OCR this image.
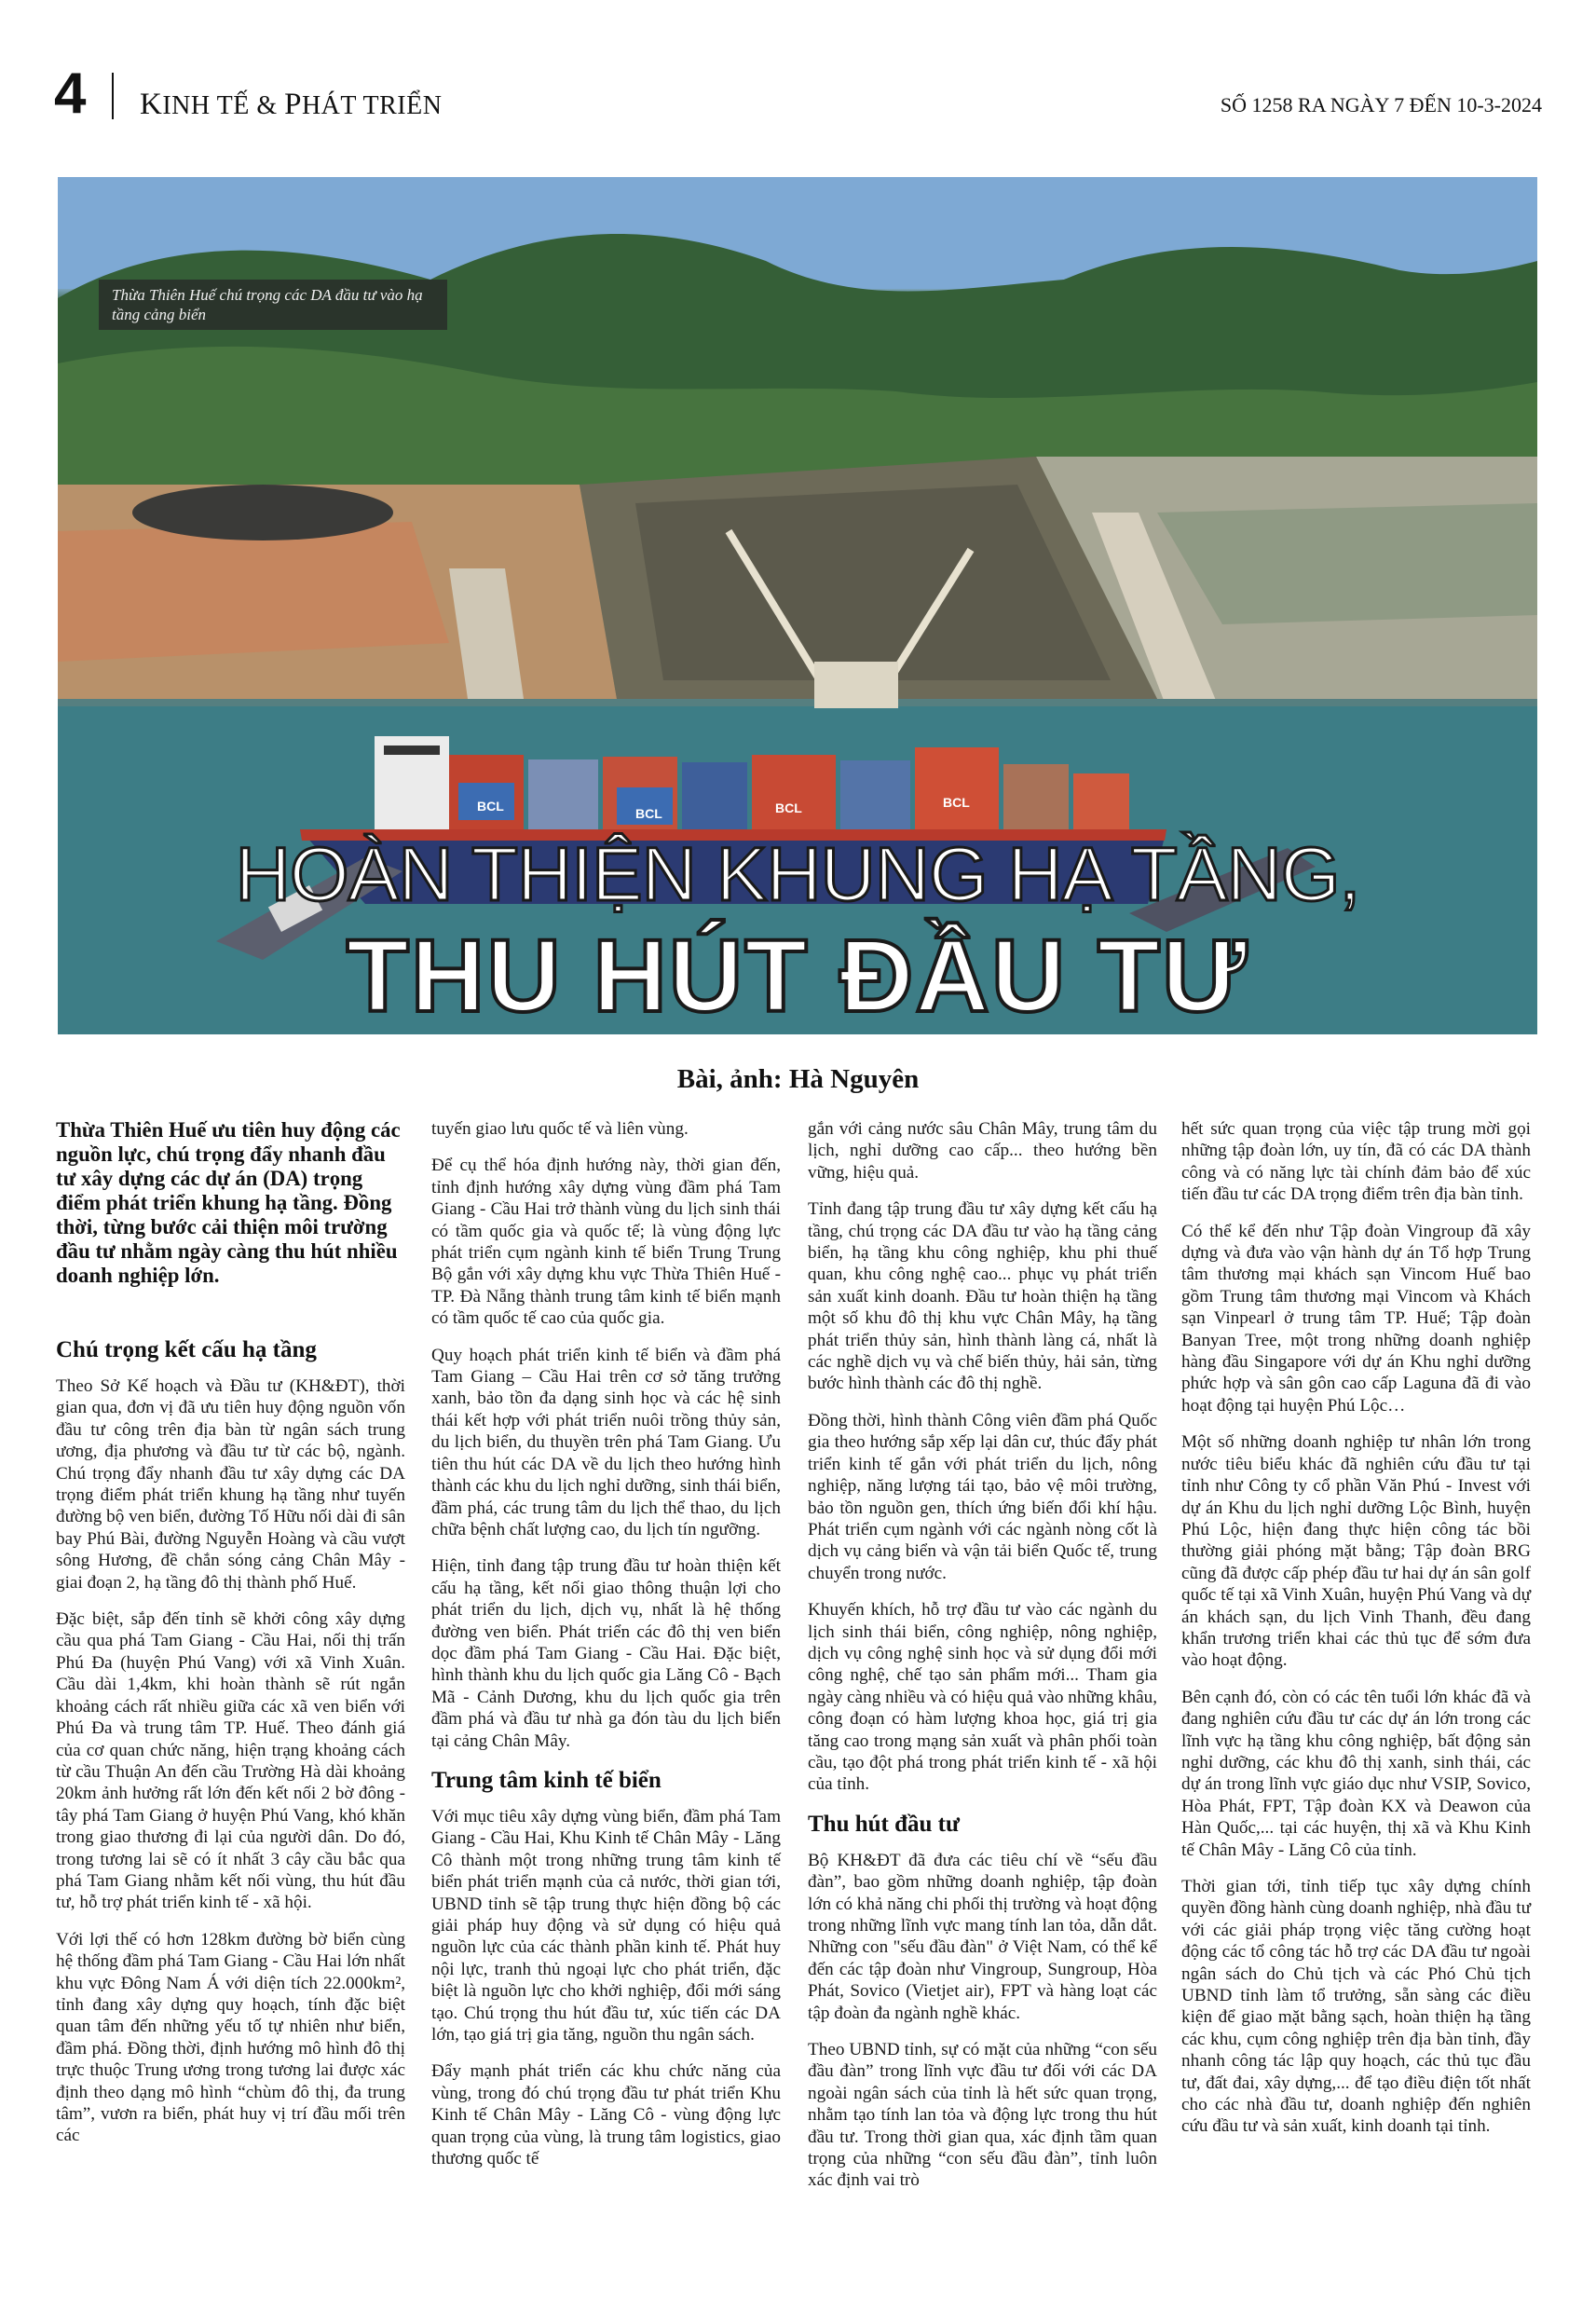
4 KINH TẾ & PHÁT TRIỂN	SỐ 1258 RA NGÀY 7 ĐẾN 10-3-2024
BCL	BCL	BCL	BCL
Thừa Thiên Huế chú trọng các DA đầu tư vào hạ tầng cảng biển
HOÀN THIỆN KHUNG HẠ TẦNG,
THU HÚT ĐẦU TƯ
Bài, ảnh: Hà Nguyên

Thừa Thiên Huế ưu tiên huy động các nguồn lực, chú trọng đẩy nhanh đầu tư xây dựng các dự án (DA) trọng điểm phát triển khung hạ tầng. Đồng thời, từng bước cải thiện môi trường đầu tư nhằm ngày càng thu hút nhiều doanh nghiệp lớn.

Chú trọng kết cấu hạ tầng

Theo Sở Kế hoạch và Đầu tư (KH&ĐT), thời gian qua, đơn vị đã ưu tiên huy động nguồn vốn đầu tư công trên địa bàn từ ngân sách trung ương, địa phương và đầu tư từ các bộ, ngành. Chú trọng đẩy nhanh đầu tư xây dựng các DA trọng điểm phát triển khung hạ tầng như tuyến đường bộ ven biển, đường Tố Hữu nối dài đi sân bay Phú Bài, đường Nguyễn Hoàng và cầu vượt sông Hương, đề chắn sóng cảng Chân Mây - giai đoạn 2, hạ tầng đô thị thành phố Huế.

Đặc biệt, sắp đến tỉnh sẽ khởi công xây dựng cầu qua phá Tam Giang - Cầu Hai, nối thị trấn Phú Đa (huyện Phú Vang) với xã Vinh Xuân. Cầu dài 1,4km, khi hoàn thành sẽ rút ngắn khoảng cách rất nhiều giữa các xã ven biển với Phú Đa và trung tâm TP. Huế. Theo đánh giá của cơ quan chức năng, hiện trạng khoảng cách từ cầu Thuận An đến cầu Trường Hà dài khoảng 20km ảnh hưởng rất lớn đến kết nối 2 bờ đông - tây phá Tam Giang ở huyện Phú Vang, khó khăn trong giao thương đi lại của người dân. Do đó, trong tương lai sẽ có ít nhất 3 cây cầu bắc qua phá Tam Giang nhằm kết nối vùng, thu hút đầu tư, hỗ trợ phát triển kinh tế - xã hội.

Với lợi thế có hơn 128km đường bờ biển cùng hệ thống đầm phá Tam Giang - Cầu Hai lớn nhất khu vực Đông Nam Á với diện tích 22.000km², tỉnh đang xây dựng quy hoạch, tính đặc biệt quan tâm đến những yếu tố tự nhiên như biển, đầm phá. Đồng thời, định hướng mô hình đô thị trực thuộc Trung ương trong tương lai được xác định theo dạng mô hình “chùm đô thị, đa trung tâm”, vươn ra biển, phát huy vị trí đầu mối trên các

tuyến giao lưu quốc tế và liên vùng.

Để cụ thể hóa định hướng này, thời gian đến, tỉnh định hướng xây dựng vùng đầm phá Tam Giang - Cầu Hai trở thành vùng du lịch sinh thái có tầm quốc gia và quốc tế; là vùng động lực phát triển cụm ngành kinh tế biển Trung Trung Bộ gắn với xây dựng khu vực Thừa Thiên Huế - TP. Đà Nẵng thành trung tâm kinh tế biển mạnh có tầm quốc tế cao của quốc gia.

Quy hoạch phát triển kinh tế biển và đầm phá Tam Giang – Cầu Hai trên cơ sở tăng trưởng xanh, bảo tồn đa dạng sinh học và các hệ sinh thái kết hợp với phát triển nuôi trồng thủy sản, du lịch biển, du thuyền trên phá Tam Giang. Ưu tiên thu hút các DA về du lịch theo hướng hình thành các khu du lịch nghỉ dưỡng, sinh thái biển, đầm phá, các trung tâm du lịch thể thao, du lịch chữa bệnh chất lượng cao, du lịch tín ngưỡng.

Hiện, tỉnh đang tập trung đầu tư hoàn thiện kết cấu hạ tầng, kết nối giao thông thuận lợi cho phát triển du lịch, dịch vụ, nhất là hệ thống đường ven biển. Phát triển các đô thị ven biển dọc đầm phá Tam Giang - Cầu Hai. Đặc biệt, hình thành khu du lịch quốc gia Lăng Cô - Bạch Mã - Cảnh Dương, khu du lịch quốc gia trên đầm phá và đầu tư nhà ga đón tàu du lịch biển tại cảng Chân Mây.

Trung tâm kinh tế biển

Với mục tiêu xây dựng vùng biển, đầm phá Tam Giang - Cầu Hai, Khu Kinh tế Chân Mây - Lăng Cô thành một trong những trung tâm kinh tế biển phát triển mạnh của cả nước, thời gian tới, UBND tỉnh sẽ tập trung thực hiện đồng bộ các giải pháp huy động và sử dụng có hiệu quả nguồn lực của các thành phần kinh tế. Phát huy nội lực, tranh thủ ngoại lực cho phát triển, đặc biệt là nguồn lực cho khởi nghiệp, đổi mới sáng tạo. Chú trọng thu hút đầu tư, xúc tiến các DA lớn, tạo giá trị gia tăng, nguồn thu ngân sách.

Đẩy mạnh phát triển các khu chức năng của vùng, trong đó chú trọng đầu tư phát triển Khu Kinh tế Chân Mây - Lăng Cô - vùng động lực quan trọng của vùng, là trung tâm logistics, giao thương quốc tế

gắn với cảng nước sâu Chân Mây, trung tâm du lịch, nghỉ dưỡng cao cấp... theo hướng bền vững, hiệu quả.

Tỉnh đang tập trung đầu tư xây dựng kết cấu hạ tầng, chú trọng các DA đầu tư vào hạ tầng cảng biển, hạ tầng khu công nghiệp, khu phi thuế quan, khu công nghệ cao... phục vụ phát triển sản xuất kinh doanh. Đầu tư hoàn thiện hạ tầng một số khu đô thị khu vực Chân Mây, hạ tầng phát triển thủy sản, hình thành làng cá, nhất là các nghề dịch vụ và chế biến thủy, hải sản, từng bước hình thành các đô thị nghề.

Đồng thời, hình thành Công viên đầm phá Quốc gia theo hướng sắp xếp lại dân cư, thúc đẩy phát triển kinh tế gắn với phát triển du lịch, nông nghiệp, năng lượng tái tạo, bảo vệ môi trường, bảo tồn nguồn gen, thích ứng biến đổi khí hậu. Phát triển cụm ngành với các ngành nòng cốt là dịch vụ cảng biển và vận tải biển Quốc tế, trung chuyển trong nước.

Khuyến khích, hỗ trợ đầu tư vào các ngành du lịch sinh thái biển, công nghiệp, nông nghiệp, dịch vụ công nghệ sinh học và sử dụng đổi mới công nghệ, chế tạo sản phẩm mới... Tham gia ngày càng nhiều và có hiệu quả vào những khâu, công đoạn có hàm lượng khoa học, giá trị gia tăng cao trong mạng sản xuất và phân phối toàn cầu, tạo đột phá trong phát triển kinh tế - xã hội của tỉnh.

Thu hút đầu tư

Bộ KH&ĐT đã đưa các tiêu chí về “sếu đầu đàn”, bao gồm những doanh nghiệp, tập đoàn lớn có khả năng chi phối thị trường và hoạt động trong những lĩnh vực mang tính lan tỏa, dẫn dắt. Những con "sếu đầu đàn" ở Việt Nam, có thể kể đến các tập đoàn như Vingroup, Sungroup, Hòa Phát, Sovico (Vietjet air), FPT và hàng loạt các tập đoàn đa ngành nghề khác.

Theo UBND tỉnh, sự có mặt của những “con sếu đầu đàn” trong lĩnh vực đầu tư đối với các DA ngoài ngân sách của tỉnh là hết sức quan trọng, nhằm tạo tính lan tỏa và động lực trong thu hút đầu tư. Trong thời gian qua, xác định tầm quan trọng của những “con sếu đầu đàn”, tỉnh luôn xác định vai trò

hết sức quan trọng của việc tập trung mời gọi những tập đoàn lớn, uy tín, đã có các DA thành công và có năng lực tài chính đảm bảo để xúc tiến đầu tư các DA trọng điểm trên địa bàn tỉnh.

Có thể kể đến như Tập đoàn Vingroup đã xây dựng và đưa vào vận hành dự án Tổ hợp Trung tâm thương mại khách sạn Vincom Huế bao gồm Trung tâm thương mại Vincom và Khách sạn Vinpearl ở trung tâm TP. Huế; Tập đoàn Banyan Tree, một trong những doanh nghiệp hàng đầu Singapore với dự án Khu nghỉ dưỡng phức hợp và sân gôn cao cấp Laguna đã đi vào hoạt động tại huyện Phú Lộc…

Một số những doanh nghiệp tư nhân lớn trong nước tiêu biểu khác đã nghiên cứu đầu tư tại tỉnh như Công ty cổ phần Văn Phú - Invest với dự án Khu du lịch nghỉ dưỡng Lộc Bình, huyện Phú Lộc, hiện đang thực hiện công tác bồi thường giải phóng mặt bằng; Tập đoàn BRG cũng đã được cấp phép đầu tư hai dự án sân golf quốc tế tại xã Vinh Xuân, huyện Phú Vang và dự án khách sạn, du lịch Vinh Thanh, đều đang khẩn trương triển khai các thủ tục để sớm đưa vào hoạt động.

Bên cạnh đó, còn có các tên tuổi lớn khác đã và đang nghiên cứu đầu tư các dự án lớn trong các lĩnh vực hạ tầng khu công nghiệp, bất động sản nghỉ dưỡng, các khu đô thị xanh, sinh thái, các dự án trong lĩnh vực giáo dục như VSIP, Sovico, Hòa Phát, FPT, Tập đoàn KX và Deawon của Hàn Quốc,... tại các huyện, thị xã và Khu Kinh tế Chân Mây - Lăng Cô của tỉnh.

Thời gian tới, tỉnh tiếp tục xây dựng chính quyền đồng hành cùng doanh nghiệp, nhà đầu tư với các giải pháp trọng việc tăng cường hoạt động các tổ công tác hỗ trợ các DA đầu tư ngoài ngân sách do Chủ tịch và các Phó Chủ tịch UBND tỉnh làm tổ trưởng, sẵn sàng các điều kiện để giao mặt bằng sạch, hoàn thiện hạ tầng các khu, cụm công nghiệp trên địa bàn tỉnh, đầy nhanh công tác lập quy hoạch, các thủ tục đầu tư, đất đai, xây dựng,... để tạo điều điện tốt nhất cho các nhà đầu tư, doanh nghiệp đến nghiên cứu đầu tư và sản xuất, kinh doanh tại tỉnh.
